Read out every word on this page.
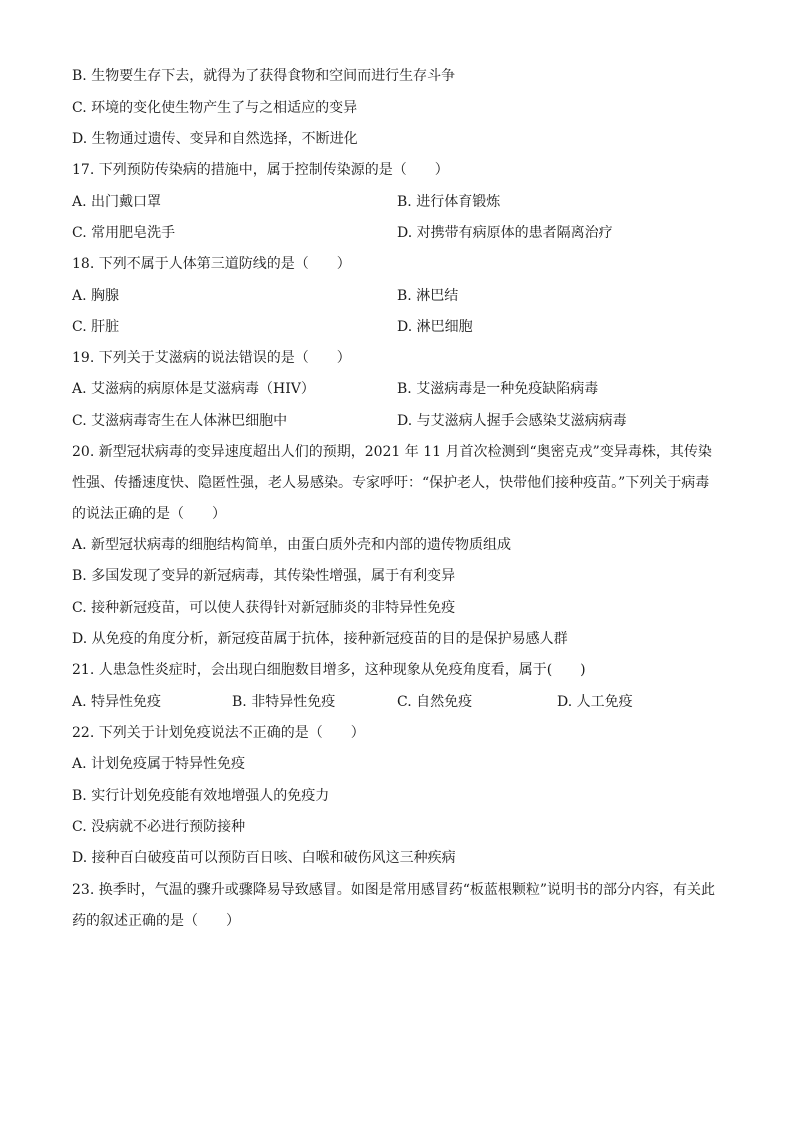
B. 生物要生存下去，就得为了获得食物和空间而进行生存斗争
C. 环境的变化使生物产生了与之相适应的变异
D. 生物通过遗传、变异和自然选择，不断进化
17. 下列预防传染病的措施中，属于控制传染源的是（　　）
A. 出门戴口罩	B. 进行体育锻炼
C. 常用肥皂洗手	D. 对携带有病原体的患者隔离治疗
18. 下列不属于人体第三道防线的是（　　）
A. 胸腺	B. 淋巴结
C. 肝脏	D. 淋巴细胞
19. 下列关于艾滋病的说法错误的是（　　）
A. 艾滋病的病原体是艾滋病毒（HIV）	B. 艾滋病毒是一种免疫缺陷病毒
C. 艾滋病毒寄生在人体淋巴细胞中	D. 与艾滋病人握手会感染艾滋病病毒
20. 新型冠状病毒的变异速度超出人们的预期，2021 年 11 月首次检测到“奥密克戎”变异毒株，其传染性强、传播速度快、隐匿性强，老人易感染。专家呼吁：“保护老人，快带他们接种疫苗。”下列关于病毒的说法正确的是（　　）
A. 新型冠状病毒的细胞结构简单，由蛋白质外壳和内部的遗传物质组成
B. 多国发现了变异的新冠病毒，其传染性增强，属于有利变异
C. 接种新冠疫苗，可以使人获得针对新冠肺炎的非特异性免疫
D. 从免疫的角度分析，新冠疫苗属于抗体，接种新冠疫苗的目的是保护易感人群
21. 人患急性炎症时，会出现白细胞数目增多，这种现象从免疫角度看，属于(　　)
A. 特异性免疫	B. 非特异性免疫	C. 自然免疫	D. 人工免疫
22. 下列关于计划免疫说法不正确的是（　　）
A. 计划免疫属于特异性免疫
B. 实行计划免疫能有效地增强人的免疫力
C. 没病就不必进行预防接种
D. 接种百白破疫苗可以预防百日咳、白喉和破伤风这三种疾病
23. 换季时，气温的骤升或骤降易导致感冒。如图是常用感冒药“板蓝根颗粒”说明书的部分内容，有关此药的叙述正确的是（　　）
